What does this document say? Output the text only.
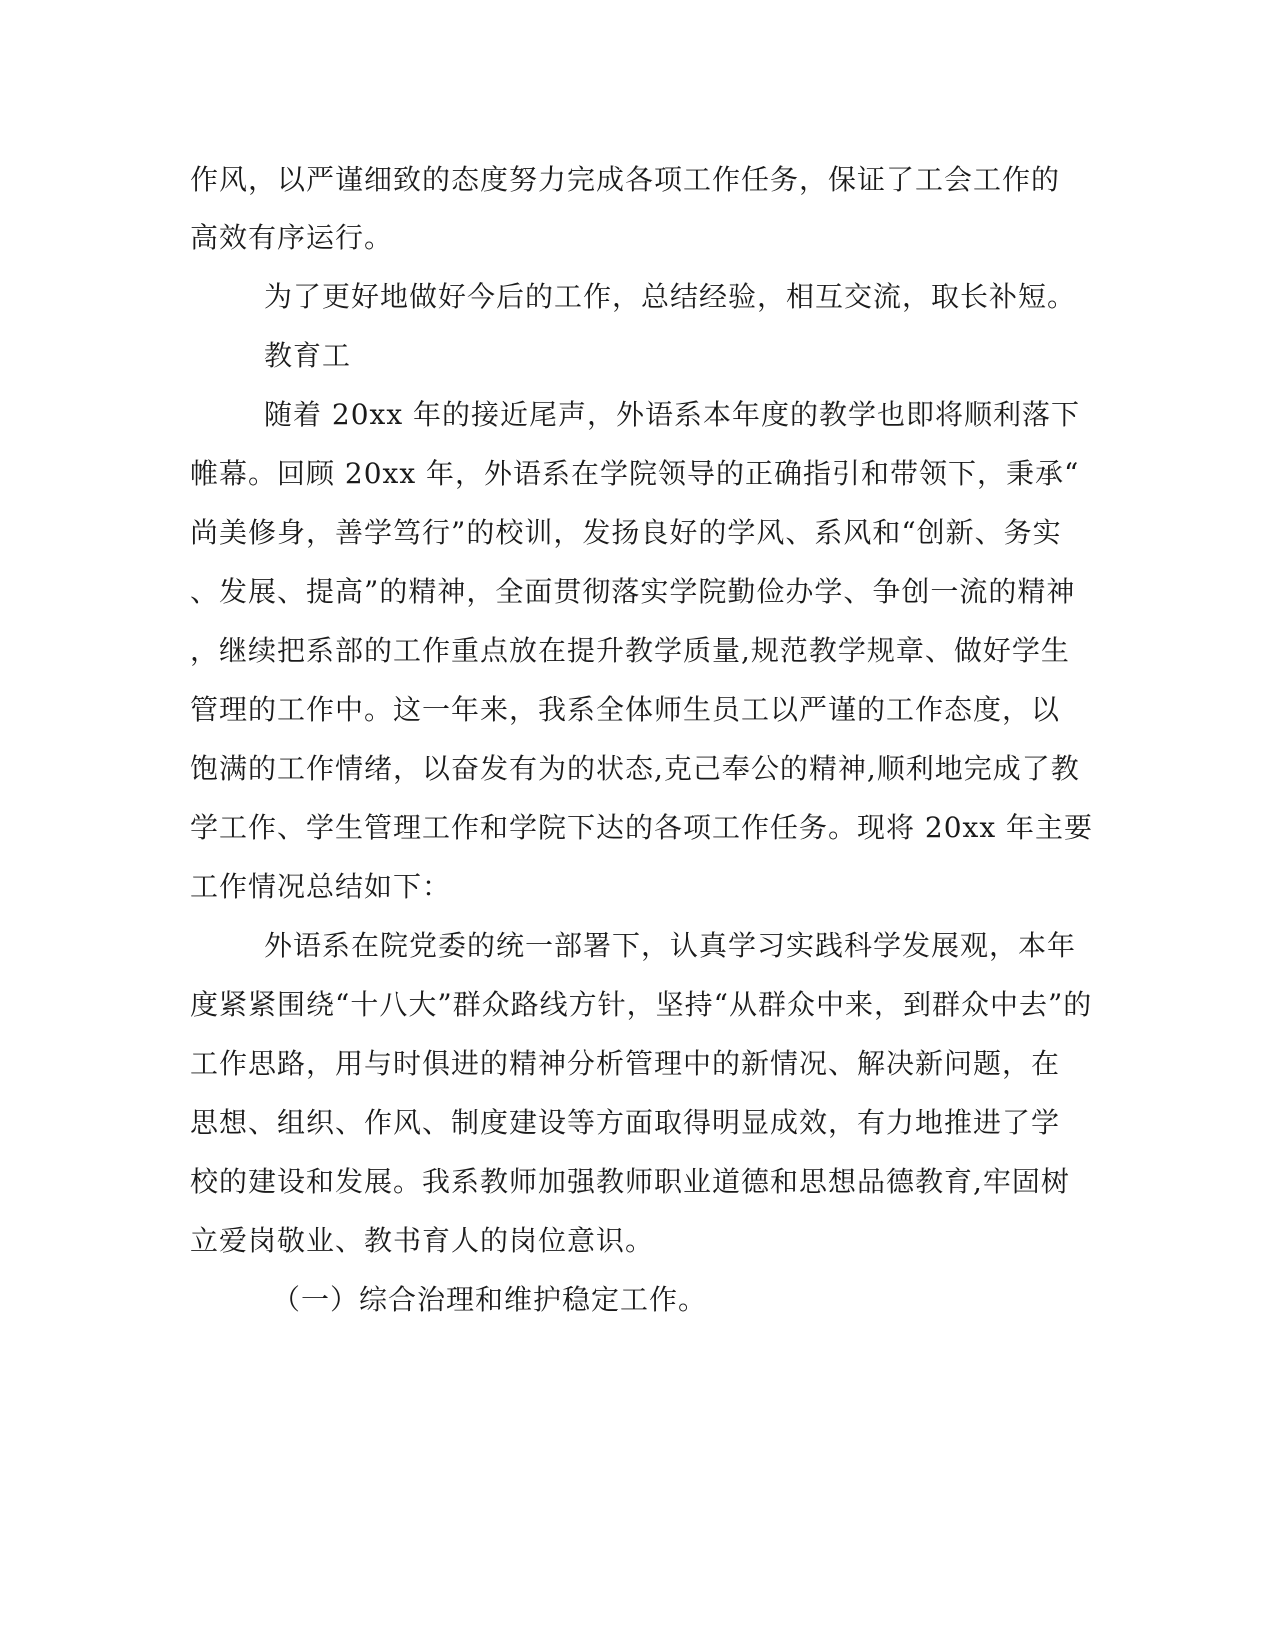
作风，以严谨细致的态度努力完成各项工作任务，保证了工会工作的

高效有序运行。

为了更好地做好今后的工作，总结经验，相互交流，取长补短。

教育工

随着 20xx 年的接近尾声，外语系本年度的教学也即将顺利落下

帷幕。回顾 20xx 年，外语系在学院领导的正确指引和带领下，秉承“

尚美修身，善学笃行”的校训，发扬良好的学风、系风和“创新、务实

、发展、提高”的精神，全面贯彻落实学院勤俭办学、争创一流的精神

，继续把系部的工作重点放在提升教学质量,规范教学规章、做好学生

管理的工作中。这一年来，我系全体师生员工以严谨的工作态度，以

饱满的工作情绪，以奋发有为的状态,克己奉公的精神,顺利地完成了教

学工作、学生管理工作和学院下达的各项工作任务。现将 20xx 年主要

工作情况总结如下：

外语系在院党委的统一部署下，认真学习实践科学发展观，本年

度紧紧围绕“十八大”群众路线方针，坚持“从群众中来，到群众中去”的

工作思路，用与时俱进的精神分析管理中的新情况、解决新问题，在

思想、组织、作风、制度建设等方面取得明显成效，有力地推进了学

校的建设和发展。我系教师加强教师职业道德和思想品德教育,牢固树

立爱岗敬业、教书育人的岗位意识。

（一）综合治理和维护稳定工作。
